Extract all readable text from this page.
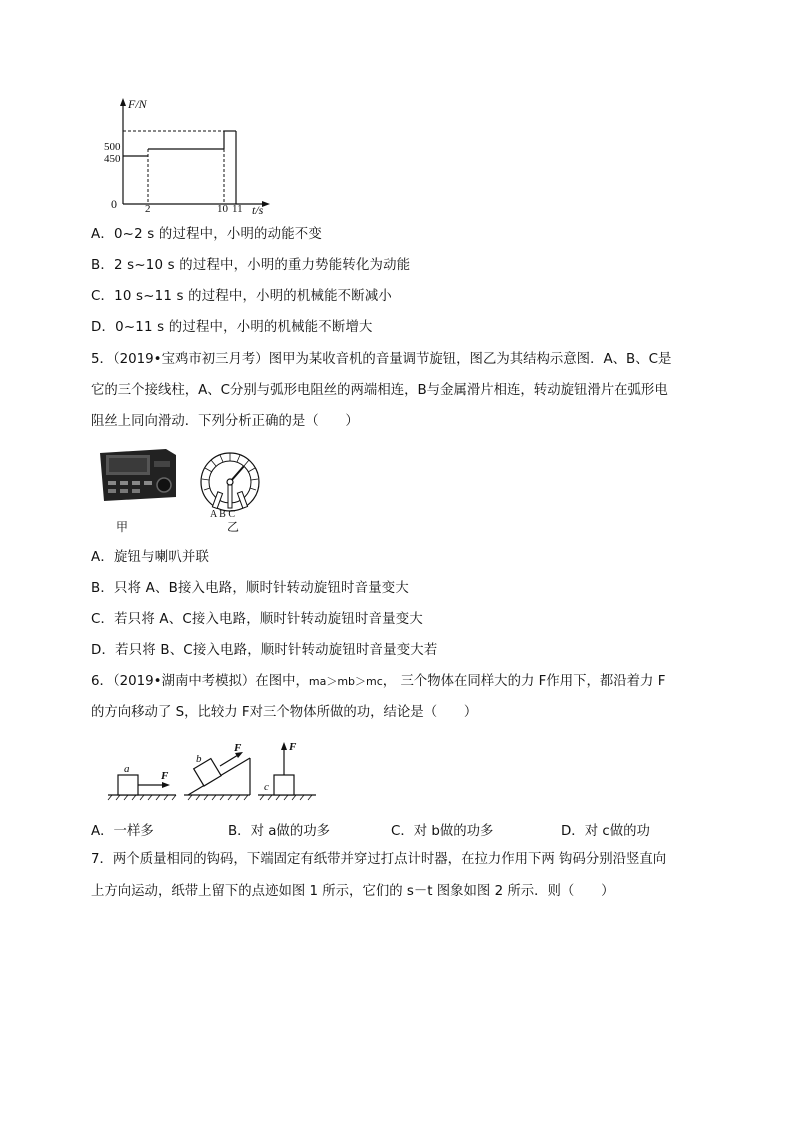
F/N
t/s
0
500
450
2	10 11
A．0~2 s 的过程中，小明的动能不变
B．2 s~10 s 的过程中，小明的重力势能转化为动能
C．10 s~11 s 的过程中，小明的机械能不断减小
D．0~11 s 的过程中，小明的机械能不断增大
5．（2019•宝鸡市初三月考）图甲为某收音机的音量调节旋钮，图乙为其结构示意图．A、B、C是
它的三个接线柱，A、C分别与弧形电阻丝的两端相连，B与金属滑片相连，转动旋钮滑片在弧形电
阻丝上同向滑动．下列分析正确的是（　　）
甲
A B C
乙
A．旋钮与喇叭并联
B．只将 A、B接入电路，顺时针转动旋钮时音量变大
C．若只将 A、C接入电路，顺时针转动旋钮时音量变大
D．若只将 B、C接入电路，顺时针转动旋钮时音量变大若
6．（2019•湖南中考模拟）在图中，ma＞mb＞mc， 三个物体在同样大的力 F作用下，都沿着力 F
的方向移动了 S，比较力 F对三个物体所做的功，结论是（　　）
a
F
b
F
c
F
A．一样多	B．对 a做的功多	C．对 b做的功多	D．对 c做的功
7．两个质量相同的钩码，下端固定有纸带并穿过打点计时器，在拉力作用下两 钩码分别沿竖直向
上方向运动，纸带上留下的点迹如图 1 所示，它们的 s－t 图象如图 2 所示．则（　　）
